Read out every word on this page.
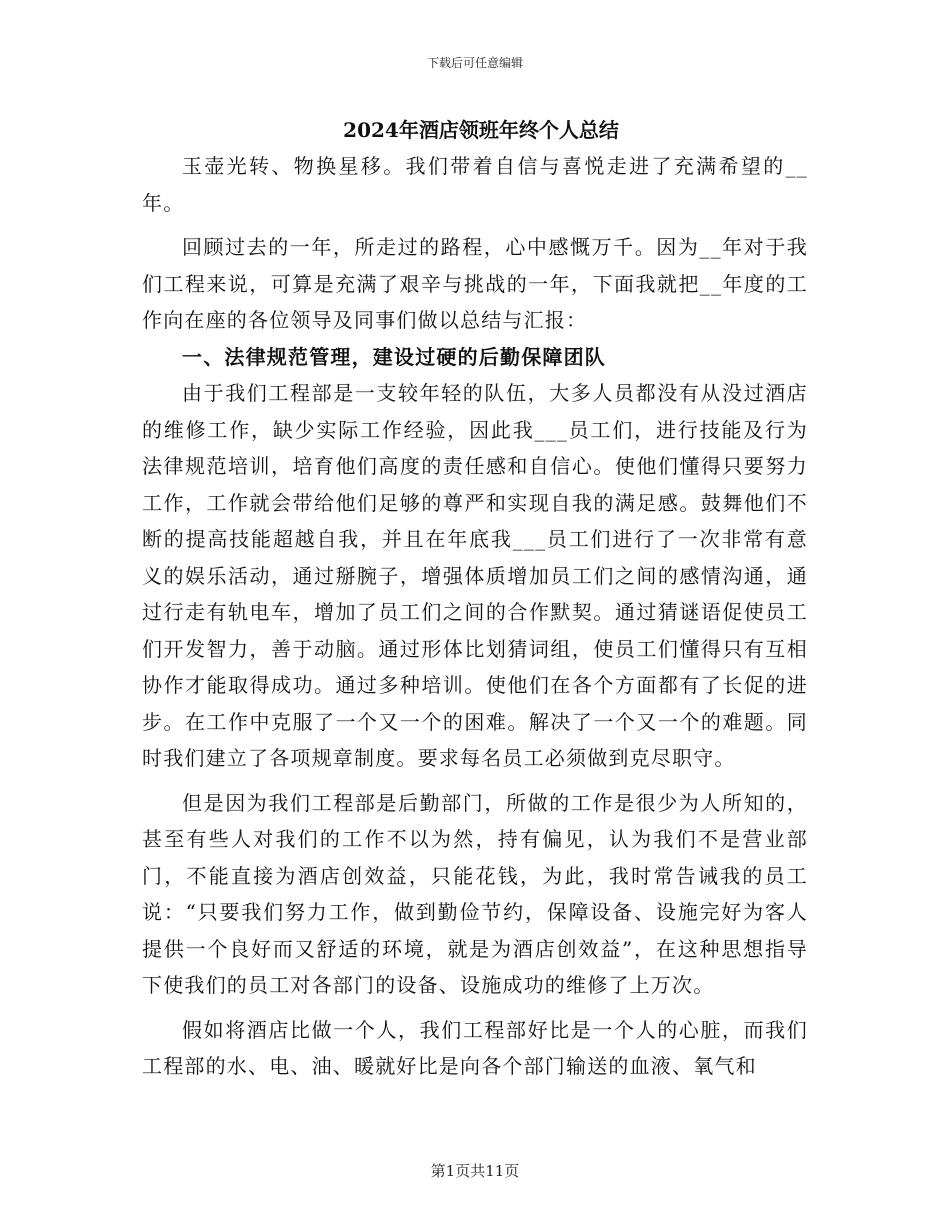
下载后可任意编辑

2024年酒店领班年终个人总结

玉壶光转、物换星移。我们带着自信与喜悦走进了充满希望的__年。

回顾过去的一年，所走过的路程，心中感慨万千。因为__年对于我们工程来说，可算是充满了艰辛与挑战的一年，下面我就把__年度的工作向在座的各位领导及同事们做以总结与汇报：

一、法律规范管理，建设过硬的后勤保障团队

由于我们工程部是一支较年轻的队伍，大多人员都没有从没过酒店的维修工作，缺少实际工作经验，因此我___员工们，进行技能及行为法律规范培训，培育他们高度的责任感和自信心。使他们懂得只要努力工作，工作就会带给他们足够的尊严和实现自我的满足感。鼓舞他们不断的提高技能超越自我，并且在年底我___员工们进行了一次非常有意义的娱乐活动，通过掰腕子，增强体质增加员工们之间的感情沟通，通过行走有轨电车，增加了员工们之间的合作默契。通过猜谜语促使员工们开发智力，善于动脑。通过形体比划猜词组，使员工们懂得只有互相协作才能取得成功。通过多种培训。使他们在各个方面都有了长促的进步。在工作中克服了一个又一个的困难。解决了一个又一个的难题。同时我们建立了各项规章制度。要求每名员工必须做到克尽职守。

但是因为我们工程部是后勤部门，所做的工作是很少为人所知的，甚至有些人对我们的工作不以为然，持有偏见，认为我们不是营业部门，不能直接为酒店创效益，只能花钱，为此，我时常告诫我的员工说：“只要我们努力工作，做到勤俭节约，保障设备、设施完好为客人提供一个良好而又舒适的环境，就是为酒店创效益”，在这种思想指导下使我们的员工对各部门的设备、设施成功的维修了上万次。

假如将酒店比做一个人，我们工程部好比是一个人的心脏，而我们工程部的水、电、油、暖就好比是向各个部门输送的血液、氧气和

第1页共11页
